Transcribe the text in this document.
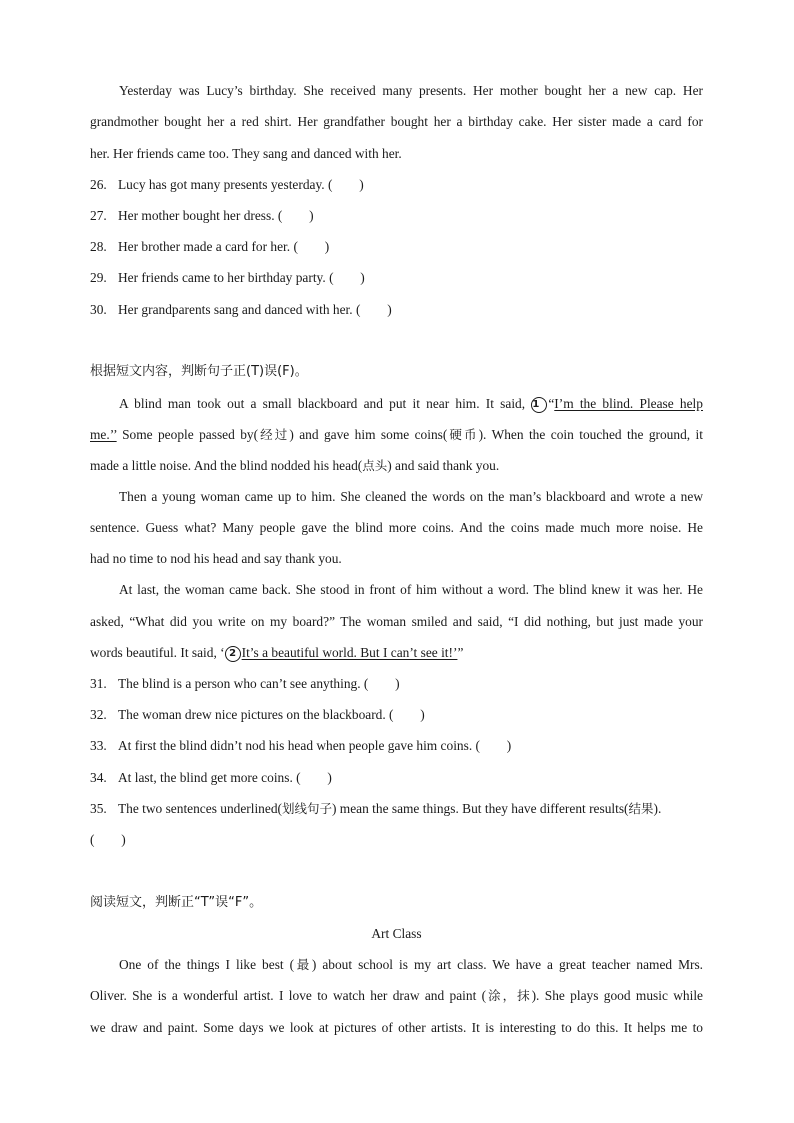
Yesterday was Lucy’s birthday. She received many presents. Her mother bought her a new cap. Her
grandmother bought her a red shirt. Her grandfather bought her a birthday cake. Her sister made a card for
her. Her friends came too. They sang and danced with her.
26. Lucy has got many presents yesterday. (        )
27. Her mother bought her dress. (        )
28. Her brother made a card for her. (        )
29. Her friends came to her birthday party. (        )
30. Her grandparents sang and danced with her. (        )
根据短文内容，判断句子正(T)误(F)。
A blind man took out a small blackboard and put it near him. It said, 1 “I’m the blind. Please help
me.’’ Some people passed by(经过) and gave him some coins(硬币). When the coin touched the ground, it
made a little noise. And the blind nodded his head(点头) and said thank you.
Then a young woman came up to him. She cleaned the words on the man’s blackboard and wrote a new
sentence. Guess what? Many people gave the blind more coins. And the coins made much more noise. He
had no time to nod his head and say thank you.
At last, the woman came back. She stood in front of him without a word. The blind knew it was her. He
asked, “What did you write on my board?” The woman smiled and said, “I did nothing, but just made your
words beautiful. It said, ‘ 2 It’s a beautiful world. But I can’t see it!’”
31. The blind is a person who can’t see anything. (        )
32. The woman drew nice pictures on the blackboard. (        )
33. At first the blind didn’t nod his head when people gave him coins. (        )
34. At last, the blind get more coins. (        )
35. The two sentences underlined(划线句子) mean the same things. But they have different results(结果).
(        )
阅读短文，判断正“T”误“F”。
Art Class
One of the things I like best (最) about school is my art class. We have a great teacher named Mrs.
Oliver. She is a wonderful artist. I love to watch her draw and paint (涂，抹). She plays good music while
we draw and paint. Some days we look at pictures of other artists. It is interesting to do this. It helps me to
